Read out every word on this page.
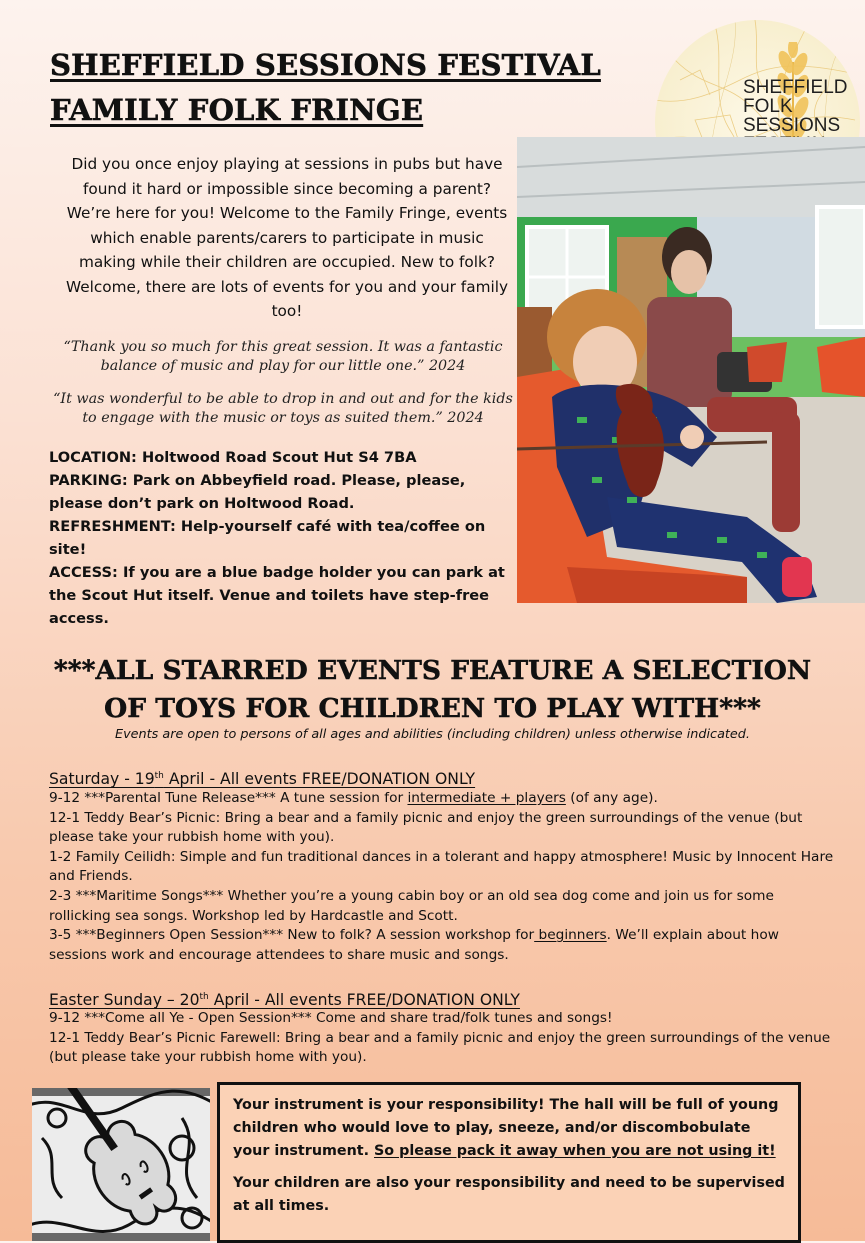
SHEFFIELD SESSIONS FESTIVAL
FAMILY FOLK FRINGE

SHEFFIELD
FOLK
SESSIONS

Did you once enjoy playing at sessions in pubs but have found it hard or impossible since becoming a parent? We’re here for you! Welcome to the Family Fringe, events which enable parents/carers to participate in music making while their children are occupied. New to folk? Welcome, there are lots of events for you and your family too!

“Thank you so much for this great session. It was a fantastic balance of music and play for our little one.” 2024

“It was wonderful to be able to drop in and out and for the kids to engage with the music or toys as suited them.” 2024

LOCATION: Holtwood Road Scout Hut S4 7BA
PARKING: Park on Abbeyfield road. Please, please, please don’t park on Holtwood Road.
REFRESHMENT: Help-yourself café with tea/coffee on site!
ACCESS: If you are a blue badge holder you can park at the Scout Hut itself. Venue and toilets have step-free access.

***ALL STARRED EVENTS FEATURE A SELECTION OF TOYS FOR CHILDREN TO PLAY WITH***

Events are open to persons of all ages and abilities (including children) unless otherwise indicated.

Saturday - 19th April - All events FREE/DONATION ONLY

9-12 ***Parental Tune Release*** A tune session for intermediate + players (of any age).
12-1 Teddy Bear’s Picnic: Bring a bear and a family picnic and enjoy the green surroundings of the venue (but please take your rubbish home with you).
1-2 Family Ceilidh: Simple and fun traditional dances in a tolerant and happy atmosphere! Music by Innocent Hare and Friends.
2-3 ***Maritime Songs*** Whether you’re a young cabin boy or an old sea dog come and join us for some rollicking sea songs. Workshop led by Hardcastle and Scott.
3-5 ***Beginners Open Session*** New to folk? A session workshop for beginners. We’ll explain about how sessions work and encourage attendees to share music and songs.

Easter Sunday – 20th April - All events FREE/DONATION ONLY

9-12 ***Come all Ye - Open Session*** Come and share trad/folk tunes and songs!
12-1 Teddy Bear’s Picnic Farewell: Bring a bear and a family picnic and enjoy the green surroundings of the venue (but please take your rubbish home with you).

Your instrument is your responsibility! The hall will be full of young children who would love to play, sneeze, and/or discombobulate your instrument. So please pack it away when you are not using it!

Your children are also your responsibility and need to be supervised at all times.
